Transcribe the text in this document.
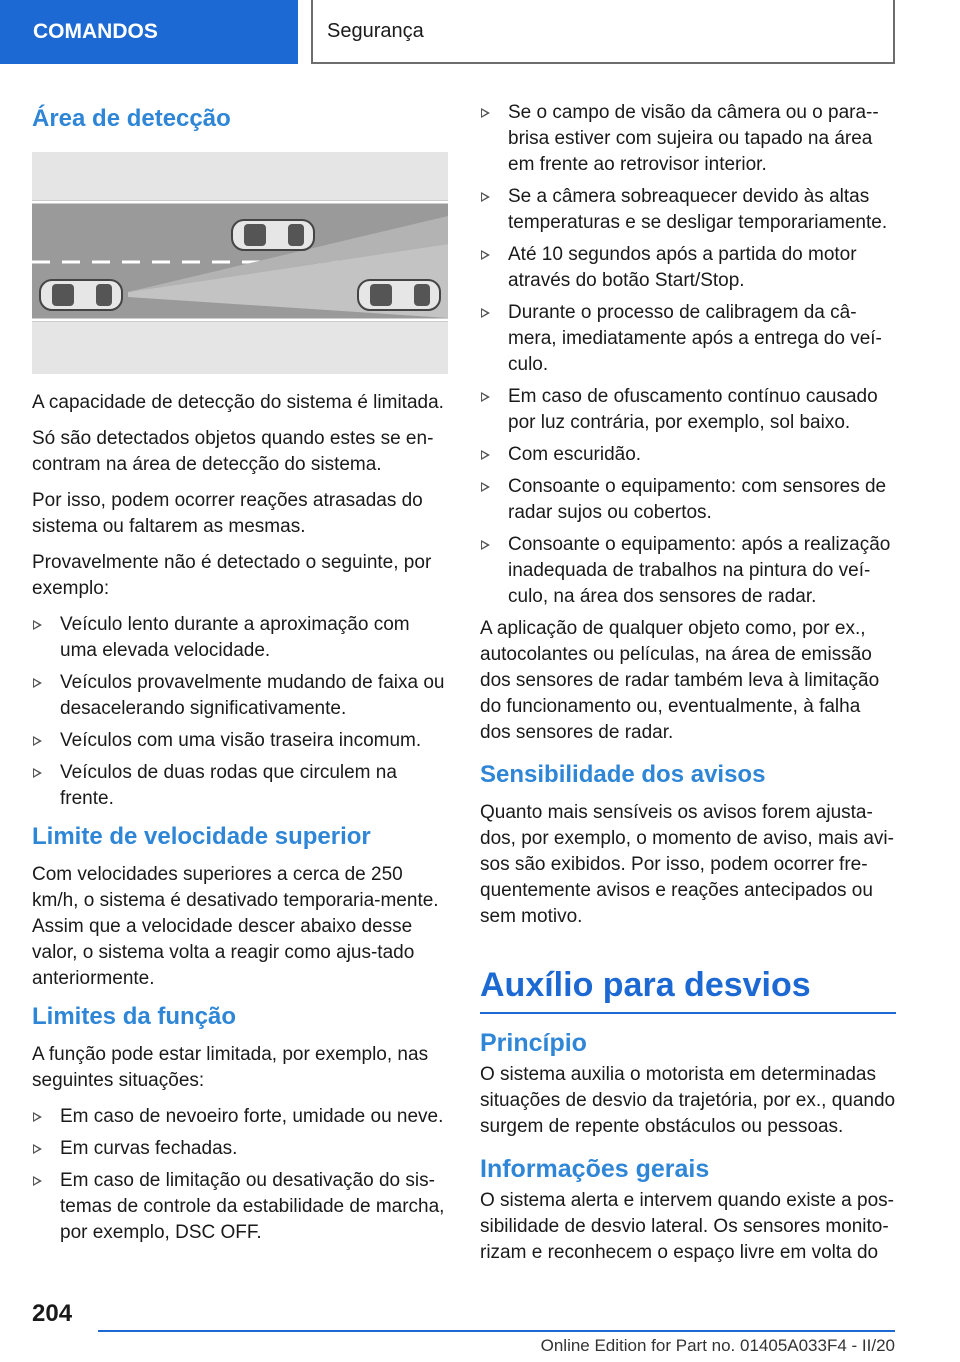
COMANDOS	Segurança
Área de detecção

A capacidade de detecção do sistema é limitada.

Só são detectados objetos quando estes se en-contram na área de detecção do sistema.

Por isso, podem ocorrer reações atrasadas do sistema ou faltarem as mesmas.

Provavelmente não é detectado o seguinte, por exemplo:

Veículo lento durante a aproximação com uma elevada velocidade.
Veículos provavelmente mudando de faixa ou desacelerando significativamente.
Veículos com uma visão traseira incomum.
Veículos de duas rodas que circulem na frente.
Limite de velocidade superior

Com velocidades superiores a cerca de 250 km/h, o sistema é desativado temporaria-mente. Assim que a velocidade descer abaixo desse valor, o sistema volta a reagir como ajus-tado anteriormente.

Limites da função

A função pode estar limitada, por exemplo, nas seguintes situações:

Em caso de nevoeiro forte, umidade ou neve.
Em curvas fechadas.
Em caso de limitação ou desativação do sis-temas de controle da estabilidade de marcha, por exemplo, DSC OFF.
Se o campo de visão da câmera ou o para--brisa estiver com sujeira ou tapado na área em frente ao retrovisor interior.
Se a câmera sobreaquecer devido às altas temperaturas e se desligar temporariamente.
Até 10 segundos após a partida do motor através do botão Start/Stop.
Durante o processo de calibragem da câ-mera, imediatamente após a entrega do veí-culo.
Em caso de ofuscamento contínuo causado por luz contrária, por exemplo, sol baixo.
Com escuridão.
Consoante o equipamento: com sensores de radar sujos ou cobertos.
Consoante o equipamento: após a realização inadequada de trabalhos na pintura do veí-culo, na área dos sensores de radar.

A aplicação de qualquer objeto como, por ex., autocolantes ou películas, na área de emissão dos sensores de radar também leva à limitação do funcionamento ou, eventualmente, à falha dos sensores de radar.

Sensibilidade dos avisos

Quanto mais sensíveis os avisos forem ajusta-dos, por exemplo, o momento de aviso, mais avi-sos são exibidos. Por isso, podem ocorrer fre-quentemente avisos e reações antecipados ou sem motivo.

Auxílio para desvios
Princípio

O sistema auxilia o motorista em determinadas situações de desvio da trajetória, por ex., quando surgem de repente obstáculos ou pessoas.

Informações gerais

O sistema alerta e intervem quando existe a pos-sibilidade de desvio lateral. Os sensores monito-rizam e reconhecem o espaço livre em volta do

204
Online Edition for Part no. 01405A033F4 - II/20
